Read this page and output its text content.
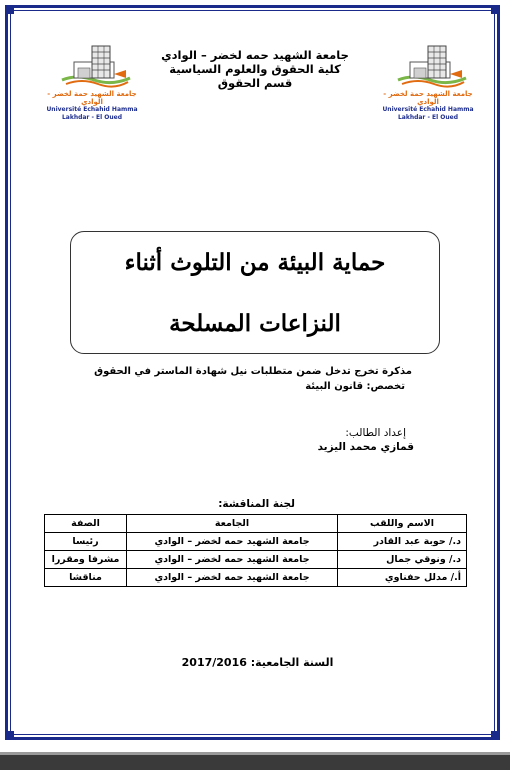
جامعة الشهيد حمة لخضر - الوادي
Université Echahid Hamma Lakhdar - El Oued
جامعة الشهيد حمة لخضر - الوادي
Université Echahid Hamma Lakhdar - El Oued
جامعة الشهيد حمه لخضر – الوادي
كلية الحقوق والعلوم السياسية
قسم الحقوق
حماية البيئة من التلوث أثناء
النزاعات المسلحة
مذكرة تخرج تدخل ضمن متطلبات نيل شهادة الماستر في الحقوق
تخصص: قانون البيئة
إعداد الطالب:
قمازي محمد اليزيد
لجنة المناقشة:
الاسم واللقب	الجامعة	الصفة
د./ حوبة عبد القادر	جامعة الشهيد حمه لخضر – الوادي	رئيسا
د./ ونوقي جمال	جامعة الشهيد حمه لخضر – الوادي	مشرفا ومقررا
أ./ مدلل حفناوي	جامعة الشهيد حمه لخضر – الوادي	مناقشا
السنة الجامعية: 2017/2016
